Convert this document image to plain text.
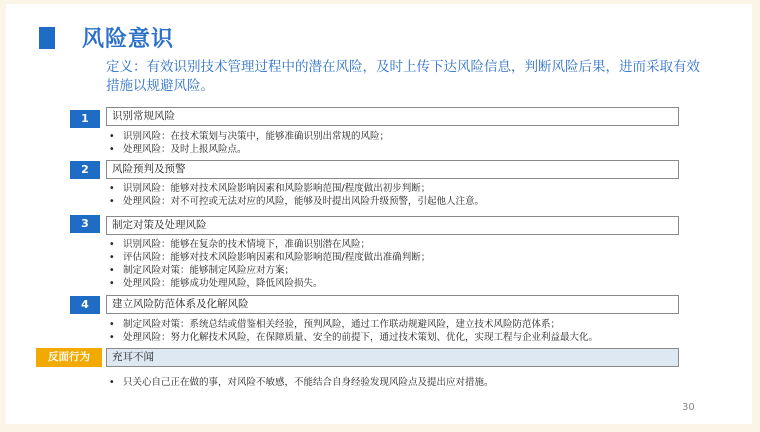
风险意识
定义：有效识别技术管理过程中的潜在风险，及时上传下达风险信息，判断风险后果，进而采取有效措施以规避风险。
1	识别常规风险
• 识别风险：在技术策划与决策中，能够准确识别出常规的风险；
• 处理风险：及时上报风险点。
2	风险预判及预警
• 识别风险：能够对技术风险影响因素和风险影响范围/程度做出初步判断；
• 处理风险：对不可控或无法对应的风险，能够及时提出风险升级预警，引起他人注意。
3	制定对策及处理风险
• 识别风险：能够在复杂的技术情境下，准确识别潜在风险；
• 评估风险：能够对技术风险影响因素和风险影响范围/程度做出准确判断；
• 制定风险对策：能够制定风险应对方案；
• 处理风险：能够成功处理风险，降低风险损失。
4	建立风险防范体系及化解风险
• 制定风险对策：系统总结或借鉴相关经验，预判风险，通过工作联动规避风险，建立技术风险防范体系；
• 处理风险：努力化解技术风险，在保障质量、安全的前提下，通过技术策划、优化，实现工程与企业利益最大化。
反面行为	充耳不闻
• 只关心自己正在做的事，对风险不敏感，不能结合自身经验发现风险点及提出应对措施。
30
